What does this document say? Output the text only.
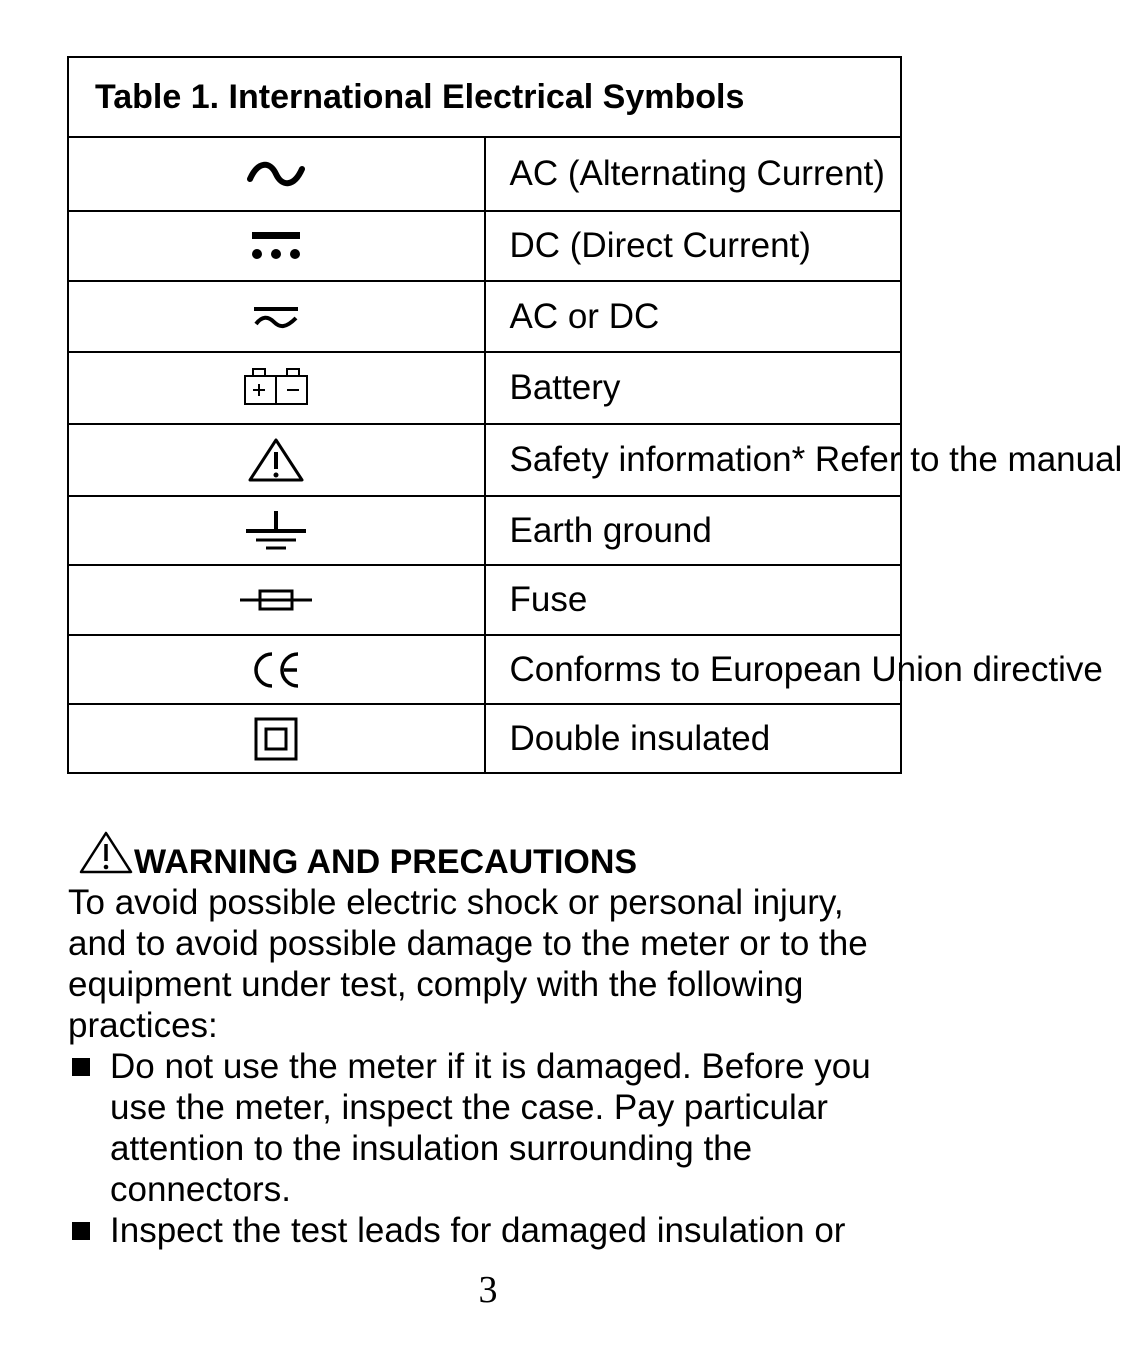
Table 1. International Electrical Symbols	

	AC (Alternating Current)

	DC (Direct Current)

	AC or DC

	Battery

	Safety information* Refer to the manual

	Earth ground

	Fuse

	Conforms to European Union directive

	Double insulated
WARNING AND PRECAUTIONS

To avoid possible electric shock or personal injury, and to avoid possible damage to the meter or to the equipment under test, comply with the following practices:

Do not use the meter if it is damaged. Before you use the meter, inspect the case. Pay particular attention to the insulation surrounding the connectors.
Inspect the test leads for damaged insulation or
3
